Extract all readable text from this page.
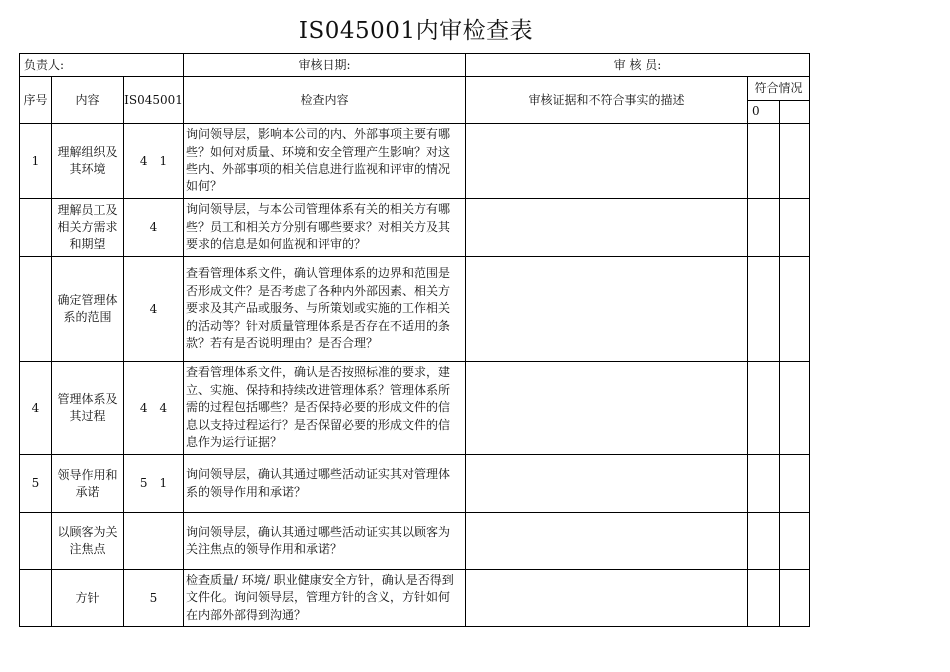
IS045001内审检查表
负责人:			审核日期:	审 核 员:		
序号	内容	IS045001	检查内容	审核证据和不符合事实的描述	符合情况	
					0	
1	理解组织及其环境	4　1	询问领导层，影响本公司的内、外部事项主要有哪些？如何对质量、环境和安全管理产生影响？对这些内、外部事项的相关信息进行监视和评审的情况如何？			
	理解员工及相关方需求和期望	4	询问领导层，与本公司管理体系有关的相关方有哪些？员工和相关方分别有哪些要求？对相关方及其要求的信息是如何监视和评审的？			
	确定管理体系的范围	4	查看管理体系文件，确认管理体系的边界和范围是否形成文件？是否考虑了各种内外部因素、相关方要求及其产品或服务、与所策划或实施的工作相关的活动等？针对质量管理体系是否存在不适用的条款？若有是否说明理由？是否合理？			
4	管理体系及其过程	4　4	查看管理体系文件，确认是否按照标准的要求，建立、实施、保持和持续改进管理体系？管理体系所需的过程包括哪些？是否保持必要的形成文件的信息以支持过程运行？是否保留必要的形成文件的信息作为运行证据？			
5	领导作用和承诺	5　1	询问领导层，确认其通过哪些活动证实其对管理体系的领导作用和承诺？			
	以顾客为关注焦点		询问领导层，确认其通过哪些活动证实其以顾客为关注焦点的领导作用和承诺？			
	方针	5	检查质量/ 环境/ 职业健康安全方针，确认是否得到文件化。询问领导层，管理方针的含义，方针如何在内部外部得到沟通？			
